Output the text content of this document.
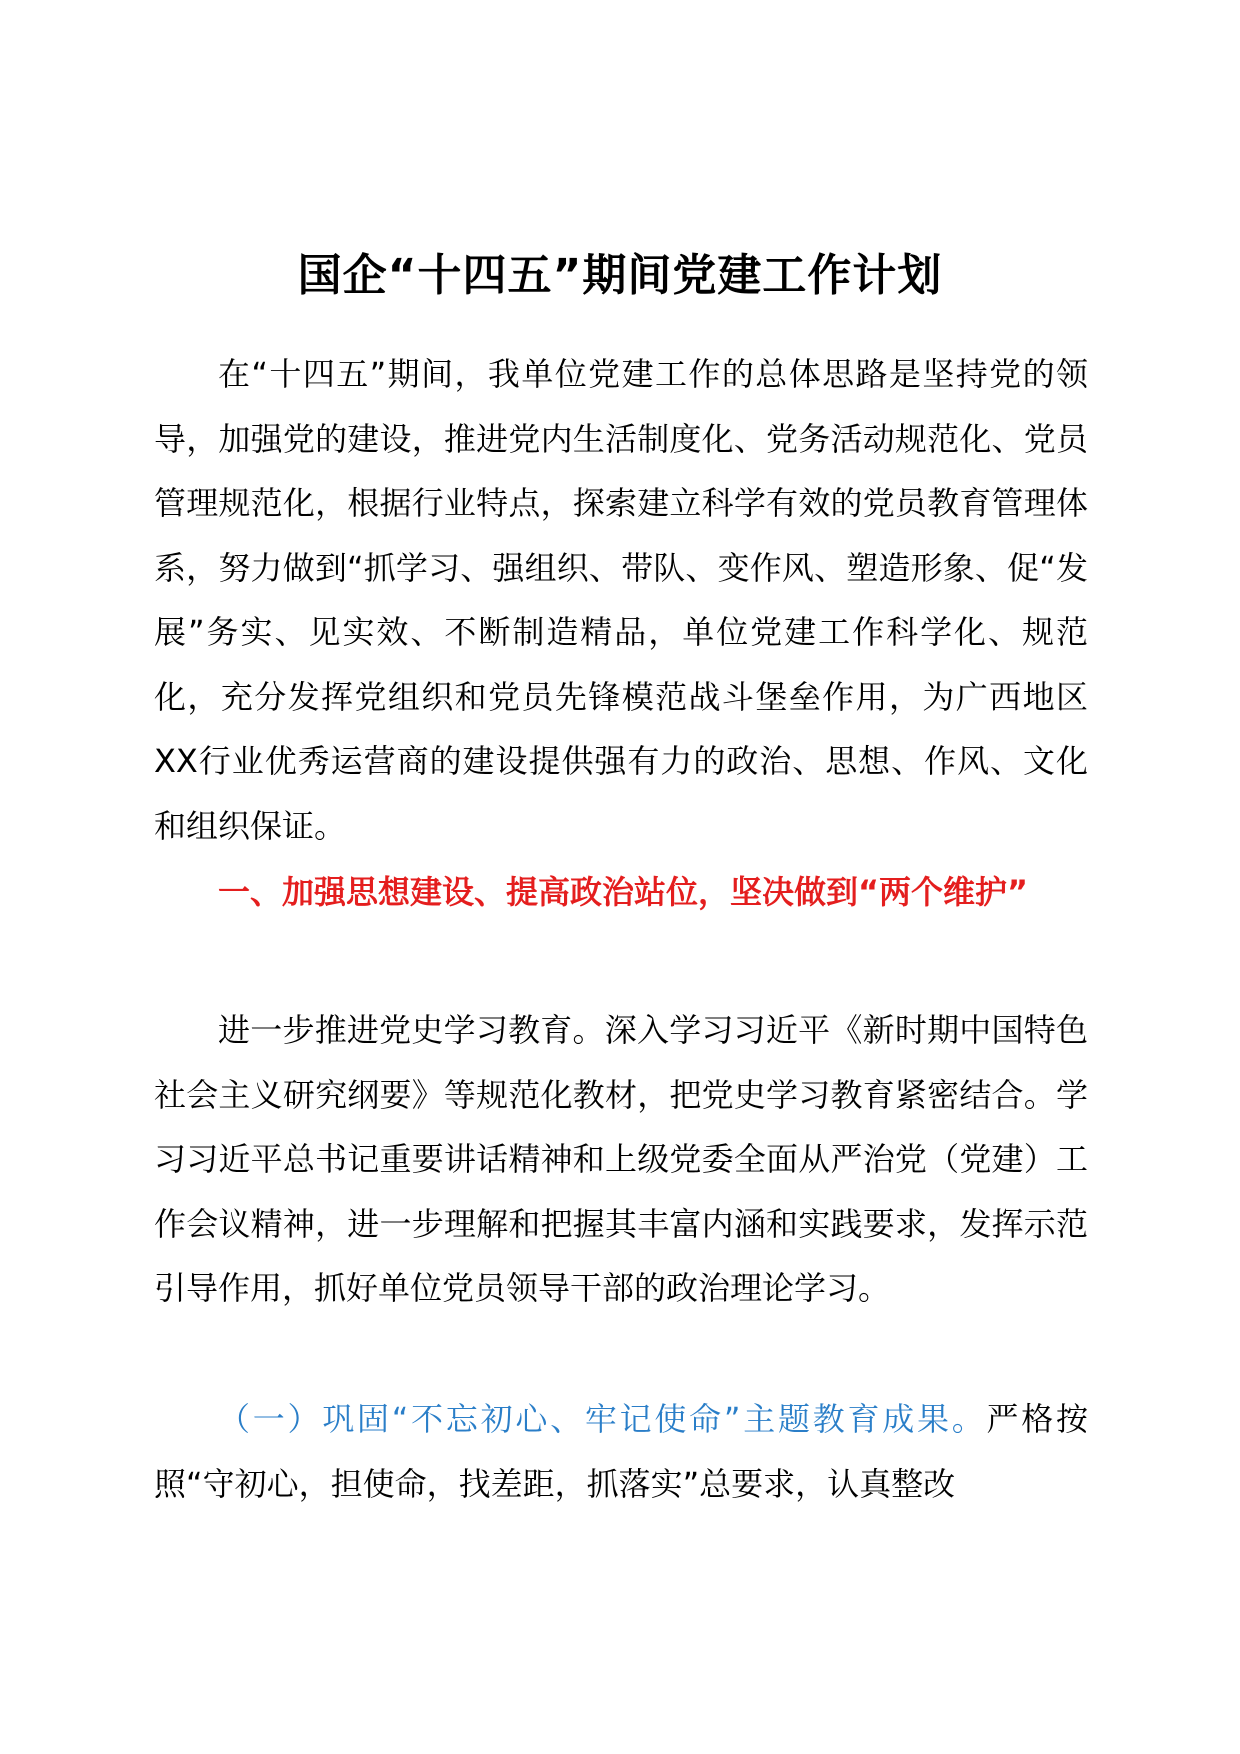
国企“十四五”期间党建工作计划

在“十四五”期间，我单位党建工作的总体思路是坚持党的领导，加强党的建设，推进党内生活制度化、党务活动规范化、党员管理规范化，根据行业特点，探索建立科学有效的党员教育管理体系，努力做到“抓学习、强组织、带队、变作风、塑造形象、促“发展”务实、见实效、不断制造精品，单位党建工作科学化、规范化，充分发挥党组织和党员先锋模范战斗堡垒作用，为广西地区XX行业优秀运营商的建设提供强有力的政治、思想、作风、文化和组织保证。

一、加强思想建设、提高政治站位，坚决做到“两个维护”

进一步推进党史学习教育。深入学习习近平《新时期中国特色社会主义研究纲要》等规范化教材，把党史学习教育紧密结合。学习习近平总书记重要讲话精神和上级党委全面从严治党（党建）工作会议精神，进一步理解和把握其丰富内涵和实践要求，发挥示范引导作用，抓好单位党员领导干部的政治理论学习。

（一）巩固“不忘初心、牢记使命”主题教育成果。严格按照“守初心，担使命，找差距，抓落实”总要求，认真整改
